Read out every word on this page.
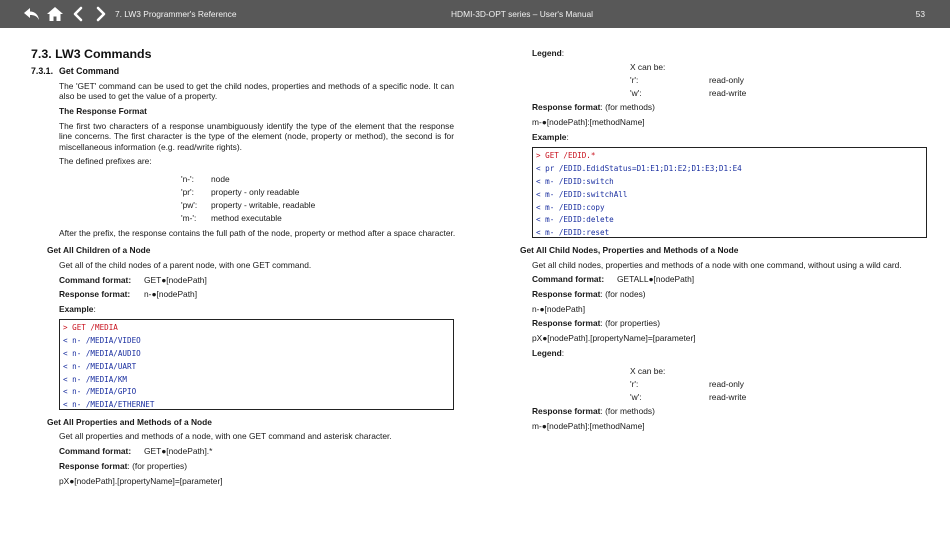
7. LW3 Programmer's Reference	HDMI-3D-OPT series – User's Manual	53
7.3. LW3 Commands
7.3.1. Get Command
The 'GET' command can be used to get the child nodes, properties and methods of a specific node. It can also be used to get the value of a property.
The Response Format
The first two characters of a response unambiguously identify the type of the element that the response line concerns. The first character is the type of the element (node, property or method), the second is for miscellaneous information (e.g. read/write rights).
The defined prefixes are:
'n-': node
'pr': property - only readable
'pw': property - writable, readable
'm-': method executable
After the prefix, the response contains the full path of the node, property or method after a space character.
Get All Children of a Node
Get all of the child nodes of a parent node, with one GET command.
Command format: GET●[nodePath]
Response format: n-●[nodePath]
Example:
> GET /MEDIA
< n- /MEDIA/VIDEO
< n- /MEDIA/AUDIO
< n- /MEDIA/UART
< n- /MEDIA/KM
< n- /MEDIA/GPIO
< n- /MEDIA/ETHERNET
Get All Properties and Methods of a Node
Get all properties and methods of a node, with one GET command and asterisk character.
Command format: GET●[nodePath].*
Response format: (for properties)
pX●[nodePath].[propertyName]=[parameter]
Legend:
X can be:
'r':	read-only
'w':	read-write
Response format: (for methods)
m-●[nodePath]:[methodName]
Example:
> GET /EDID.*
< pr /EDID.EdidStatus=D1:E1;D1:E2;D1:E3;D1:E4
< m- /EDID:switch
< m- /EDID:switchAll
< m- /EDID:copy
< m- /EDID:delete
< m- /EDID:reset
Get All Child Nodes, Properties and Methods of a Node
Get all child nodes, properties and methods of a node with one command, without using a wild card.
Command format: GETALL●[nodePath]
Response format: (for nodes)
n-●[nodePath]
Response format: (for properties)
pX●[nodePath].[propertyName]=[parameter]
Legend:
X can be:
'r':	read-only
'w':	read-write
Response format: (for methods)
m-●[nodePath]:[methodName]
